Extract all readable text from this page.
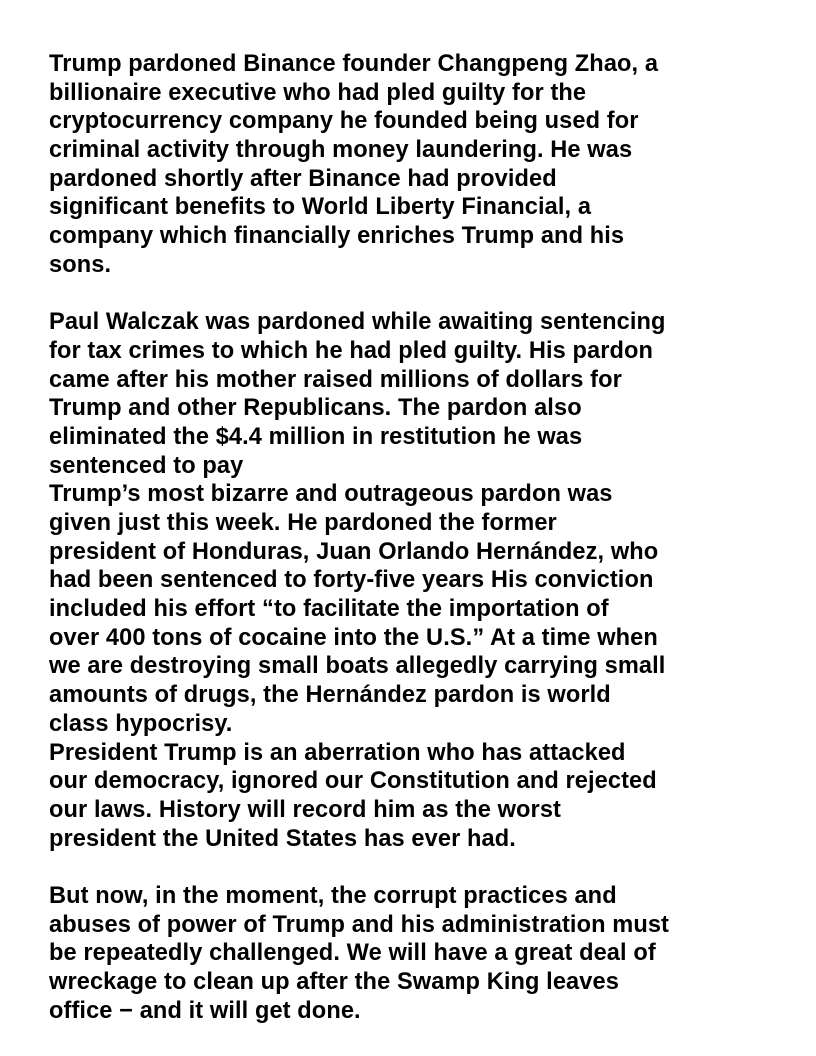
Trump pardoned Binance founder Changpeng Zhao, a
billionaire executive who had pled guilty for the
cryptocurrency company he founded being used for
criminal activity through money laundering. He was
pardoned shortly after Binance had provided
significant benefits to World Liberty Financial, a
company which financially enriches Trump and his
sons.
Paul Walczak was pardoned while awaiting sentencing
for tax crimes to which he had pled guilty. His pardon
came after his mother raised millions of dollars for
Trump and other Republicans. The pardon also
eliminated the $4.4 million in restitution he was
sentenced to pay
Trump’s most bizarre and outrageous pardon was
given just this week. He pardoned the former
president of Honduras, Juan Orlando Hernández, who
had been sentenced to forty-five years His conviction
included his effort “to facilitate the importation of
over 400 tons of cocaine into the U.S.” At a time when
we are destroying small boats allegedly carrying small
amounts of drugs, the Hernández pardon is world
class hypocrisy.
President Trump is an aberration who has attacked
our democracy, ignored our Constitution and rejected
our laws. History will record him as the worst
president the United States has ever had.
But now, in the moment, the corrupt practices and
abuses of power of Trump and his administration must
be repeatedly challenged. We will have a great deal of
wreckage to clean up after the Swamp King leaves
office − and it will get done.
